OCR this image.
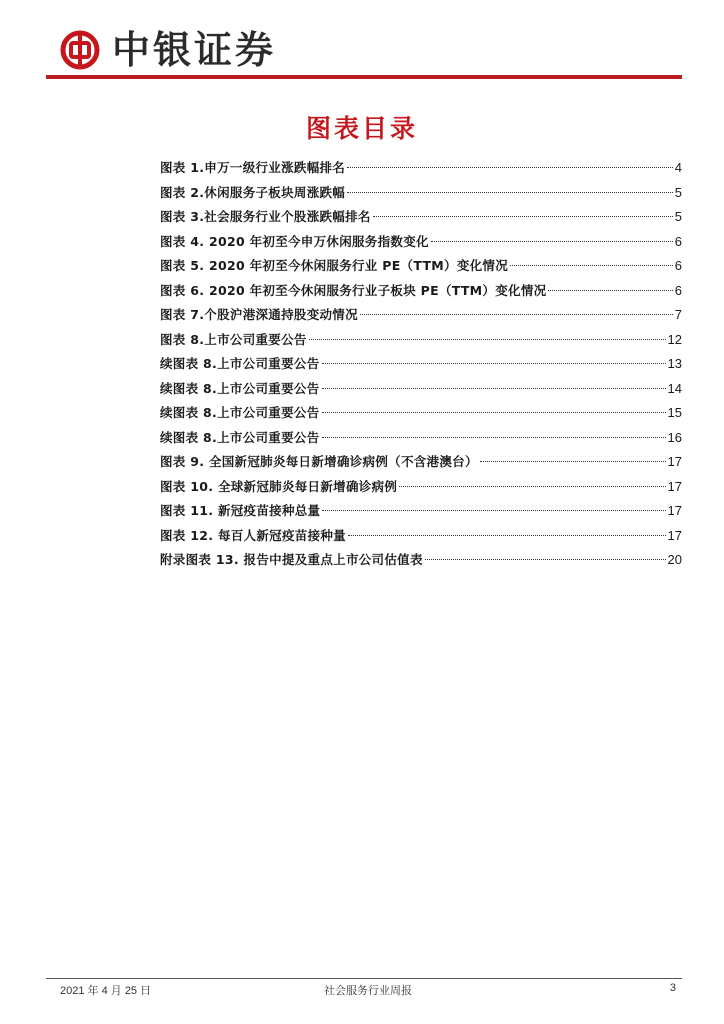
中银证券
图表目录
图表 1.申万一级行业涨跌幅排名	4
图表 2.休闲服务子板块周涨跌幅	5
图表 3.社会服务行业个股涨跌幅排名	5
图表 4. 2020 年初至今申万休闲服务指数变化	6
图表 5. 2020 年初至今休闲服务行业 PE（TTM）变化情况	6
图表 6. 2020 年初至今休闲服务行业子板块 PE（TTM）变化情况	6
图表 7.个股沪港深通持股变动情况	7
图表 8.上市公司重要公告	12
续图表 8.上市公司重要公告	13
续图表 8.上市公司重要公告	14
续图表 8.上市公司重要公告	15
续图表 8.上市公司重要公告	16
图表 9. 全国新冠肺炎每日新增确诊病例（不含港澳台）	17
图表 10. 全球新冠肺炎每日新增确诊病例	17
图表 11. 新冠疫苗接种总量	17
图表 12. 每百人新冠疫苗接种量	17
附录图表 13. 报告中提及重点上市公司估值表	20
2021 年 4 月 25 日	社会服务行业周报	3
